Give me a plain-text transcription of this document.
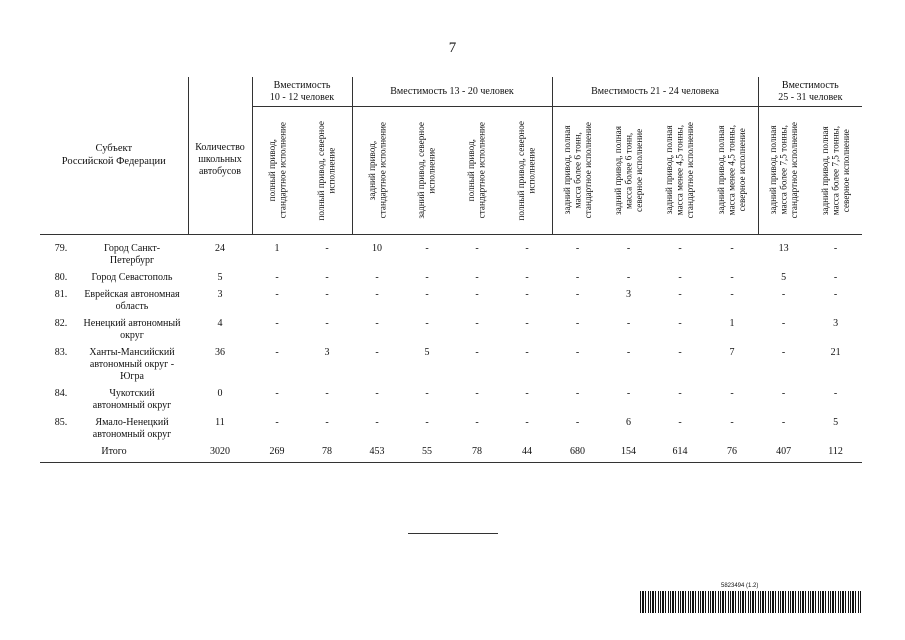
7
Субъект
Российской Федерации	Количество
школьных
автобусов	Вместимость
10 - 12 человек		Вместимость 13 - 20 человек				Вместимость 21 - 24 человека				Вместимость
25 - 31 человек	

		полный привод,
стандартное исполнение	полный привод, северное
исполнение	задний привод,
стандартное исполнение	задний привод, северное
исполнение	полный привод,
стандартное исполнение	полный привод, северное
исполнение	задний привод, полная
масса более 6 тонн,
стандартное исполнение	задний привод, полная
масса более 6 тонн,
северное исполнение	задний привод, полная
масса менее 4,5 тонны,
стандартное исполнение	задний привод, полная
масса менее 4,5 тонны,
северное исполнение	задний привод, полная
масса более 7,5 тонны,
стандартное исполнение	задний привод, полная
масса более 7,5 тонны,
северное исполнение

79. Город Санкт-
Петербург	24	1	-	10	-	-	-	-	-	-	-	13	-

80. Город Севастополь	5	-	-	-	-	-	-	-	-	-	-	5	-

81. Еврейская автономная
область	3	-	-	-	-	-	-	-	3	-	-	-	-

82. Ненецкий автономный
округ	4	-	-	-	-	-	-	-	-	-	1	-	3

83. Ханты-Мансийский
автономный округ -
Югра	36	-	3	-	5	-	-	-	-	-	7	-	21

84. Чукотский
автономный округ	0	-	-	-	-	-	-	-	-	-	-	-	-

85. Ямало-Ненецкий
автономный округ	11	-	-	-	-	-	-	-	6	-	-	-	5
Итого	3020	269	78	453	55	78	44	680	154	614	76	407	112
5823494 (1.2)
